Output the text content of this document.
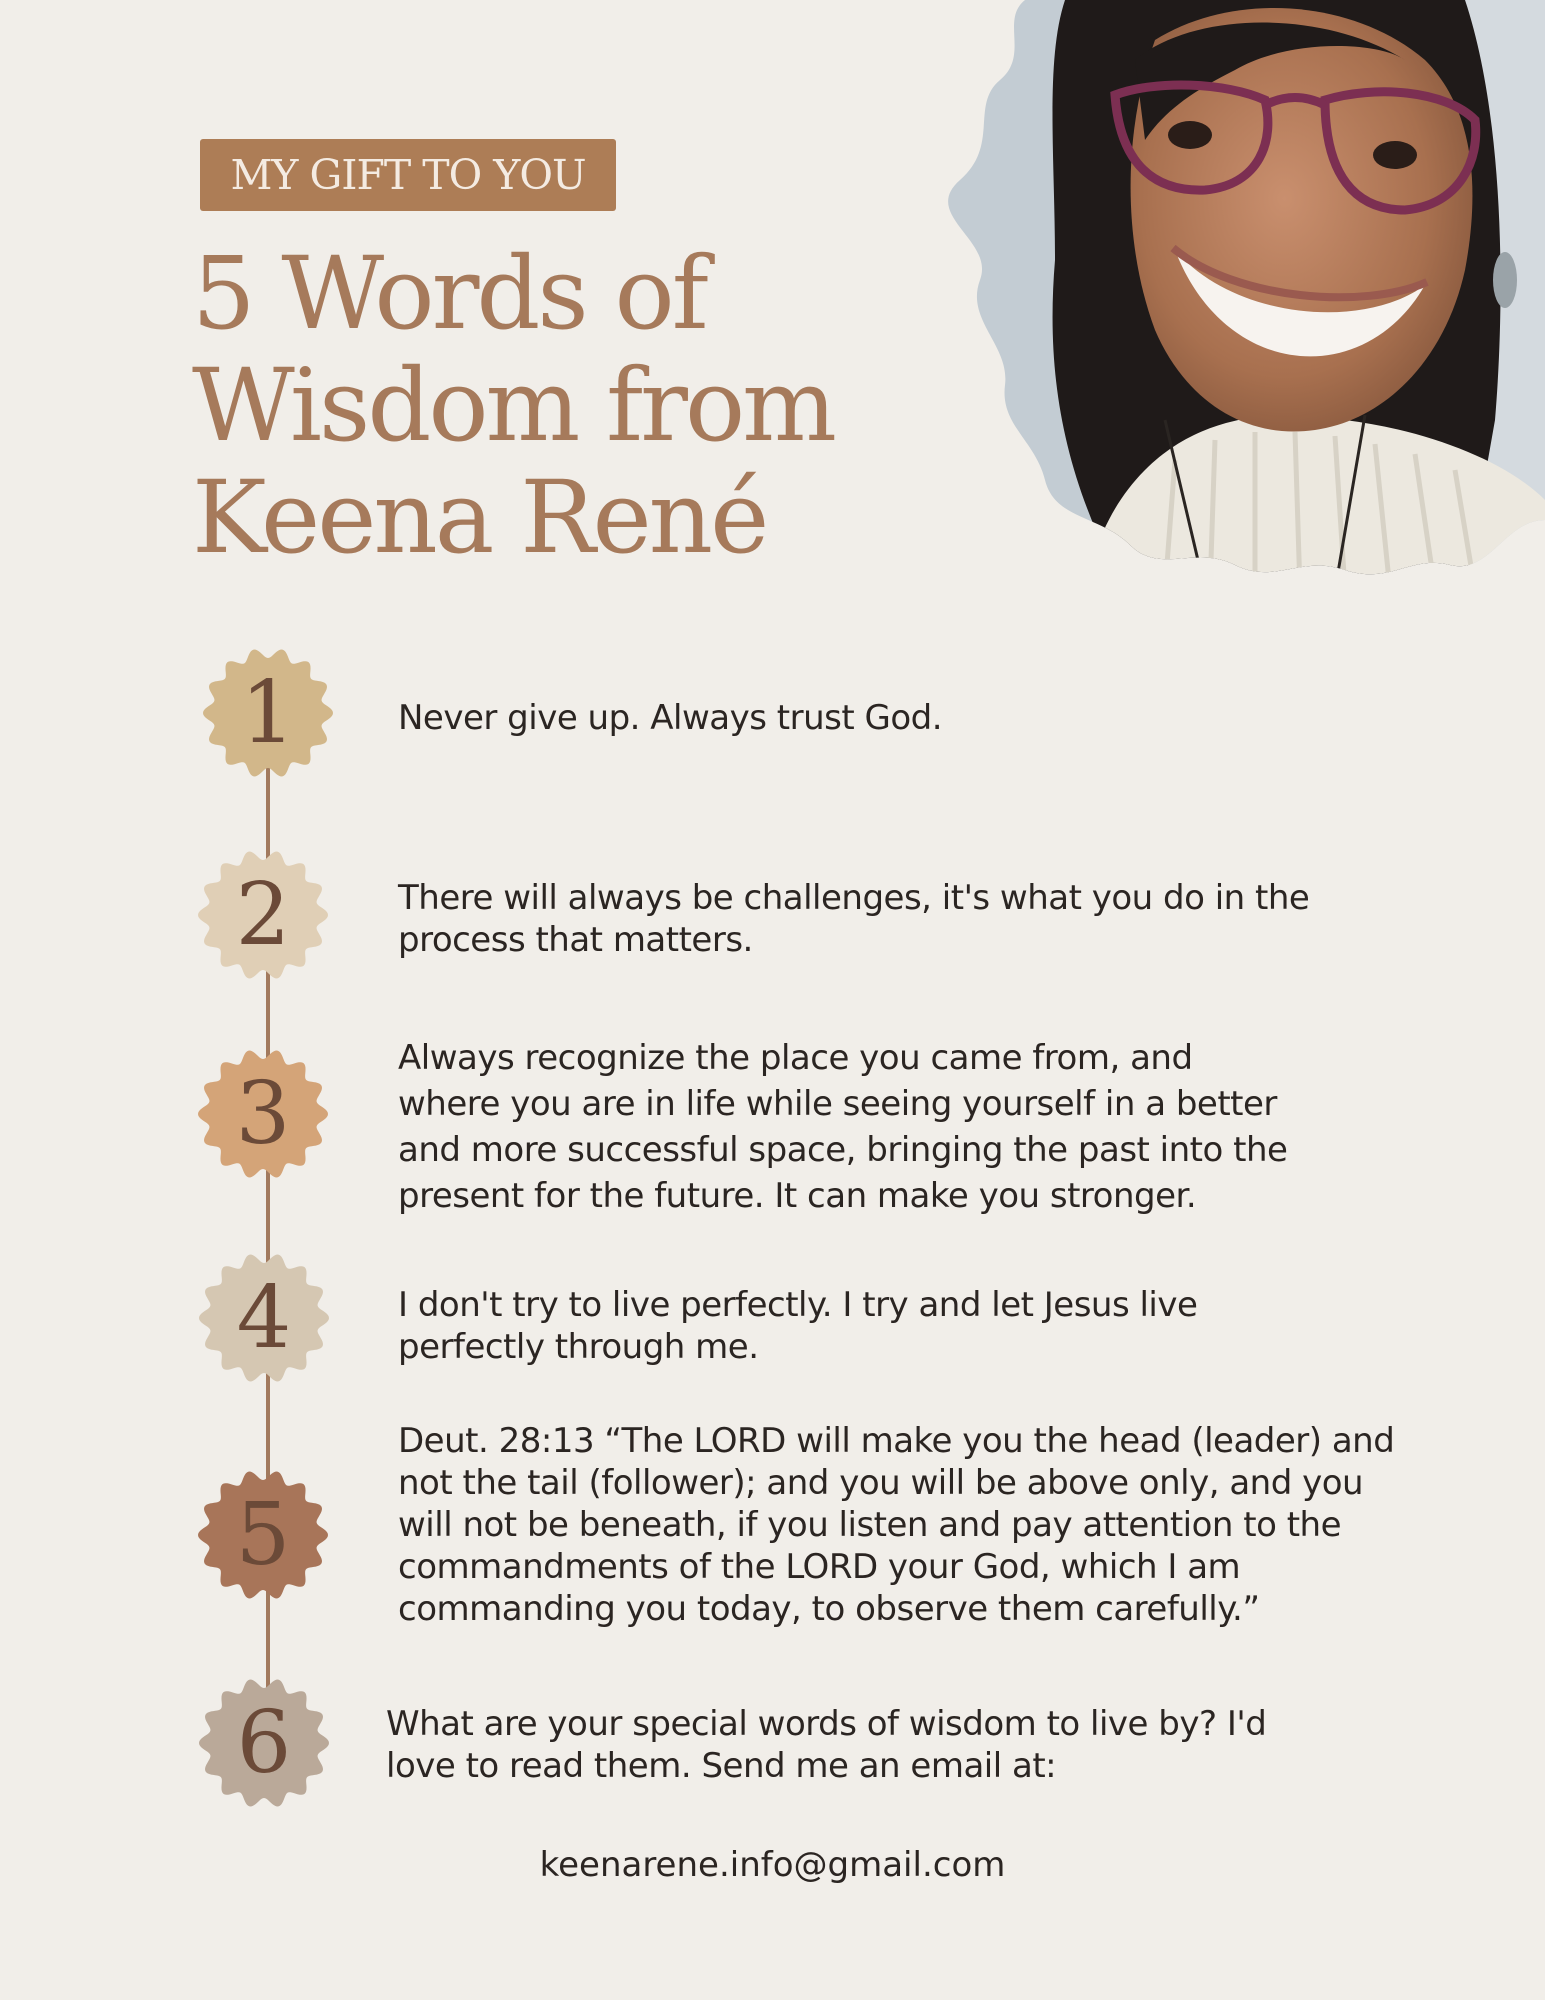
MY GIFT TO YOU
5 Words of
Wisdom from
Keena René
1	Never give up. Always trust God.
2	There will always be challenges, it's what you do in the
process that matters.
3
Always recognize the place you came from, and
where you are in life while seeing yourself in a better
and more successful space, bringing the past into the
present for the future. It can make you stronger.
4	I don't try to live perfectly. I try and let Jesus live
perfectly through me.
5
Deut. 28:13 “The LORD will make you the head (leader) and
not the tail (follower); and you will be above only, and you
will not be beneath, if you listen and pay attention to the
commandments of the LORD your God, which I am
commanding you today, to observe them carefully.”
6	What are your special words of wisdom to live by? I'd
love to read them. Send me an email at:
keenarene.info@gmail.com
